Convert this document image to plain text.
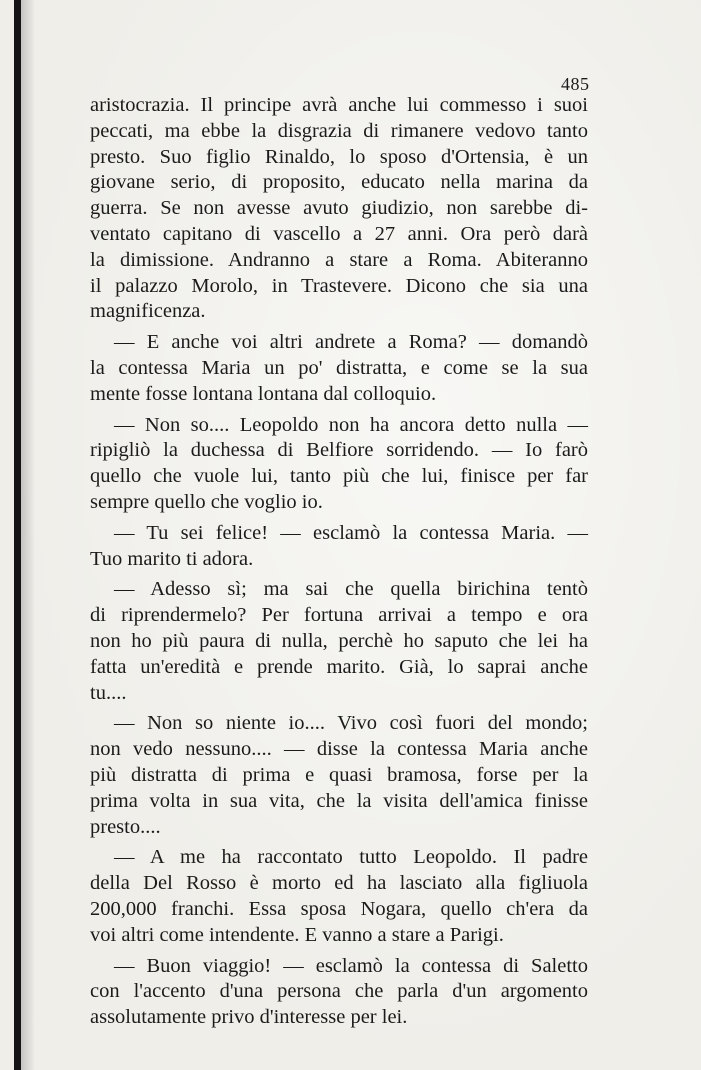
485
aristocrazia. Il principe avrà anche lui commesso i suoi
peccati, ma ebbe la disgrazia di rimanere vedovo tanto
presto. Suo figlio Rinaldo, lo sposo d'Ortensia, è un
giovane serio, di proposito, educato nella marina da
guerra. Se non avesse avuto giudizio, non sarebbe di-
ventato capitano di vascello a 27 anni. Ora però darà
la dimissione. Andranno a stare a Roma. Abiteranno
il palazzo Morolo, in Trastevere. Dicono che sia una
magnificenza.
— E anche voi altri andrete a Roma? — domandò
la contessa Maria un po' distratta, e come se la sua
mente fosse lontana lontana dal colloquio.
— Non so.... Leopoldo non ha ancora detto nulla —
ripigliò la duchessa di Belfiore sorridendo. — Io farò
quello che vuole lui, tanto più che lui, finisce per far
sempre quello che voglio io.
— Tu sei felice! — esclamò la contessa Maria. —
Tuo marito ti adora.
— Adesso sì; ma sai che quella birichina tentò
di riprendermelo? Per fortuna arrivai a tempo e ora
non ho più paura di nulla, perchè ho saputo che lei ha
fatta un'eredità e prende marito. Già, lo saprai anche
tu....
— Non so niente io.... Vivo così fuori del mondo;
non vedo nessuno.... — disse la contessa Maria anche
più distratta di prima e quasi bramosa, forse per la
prima volta in sua vita, che la visita dell'amica finisse
presto....
— A me ha raccontato tutto Leopoldo. Il padre
della Del Rosso è morto ed ha lasciato alla figliuola
200,000 franchi. Essa sposa Nogara, quello ch'era da
voi altri come intendente. E vanno a stare a Parigi.
— Buon viaggio! — esclamò la contessa di Saletto
con l'accento d'una persona che parla d'un argomento
assolutamente privo d'interesse per lei.
